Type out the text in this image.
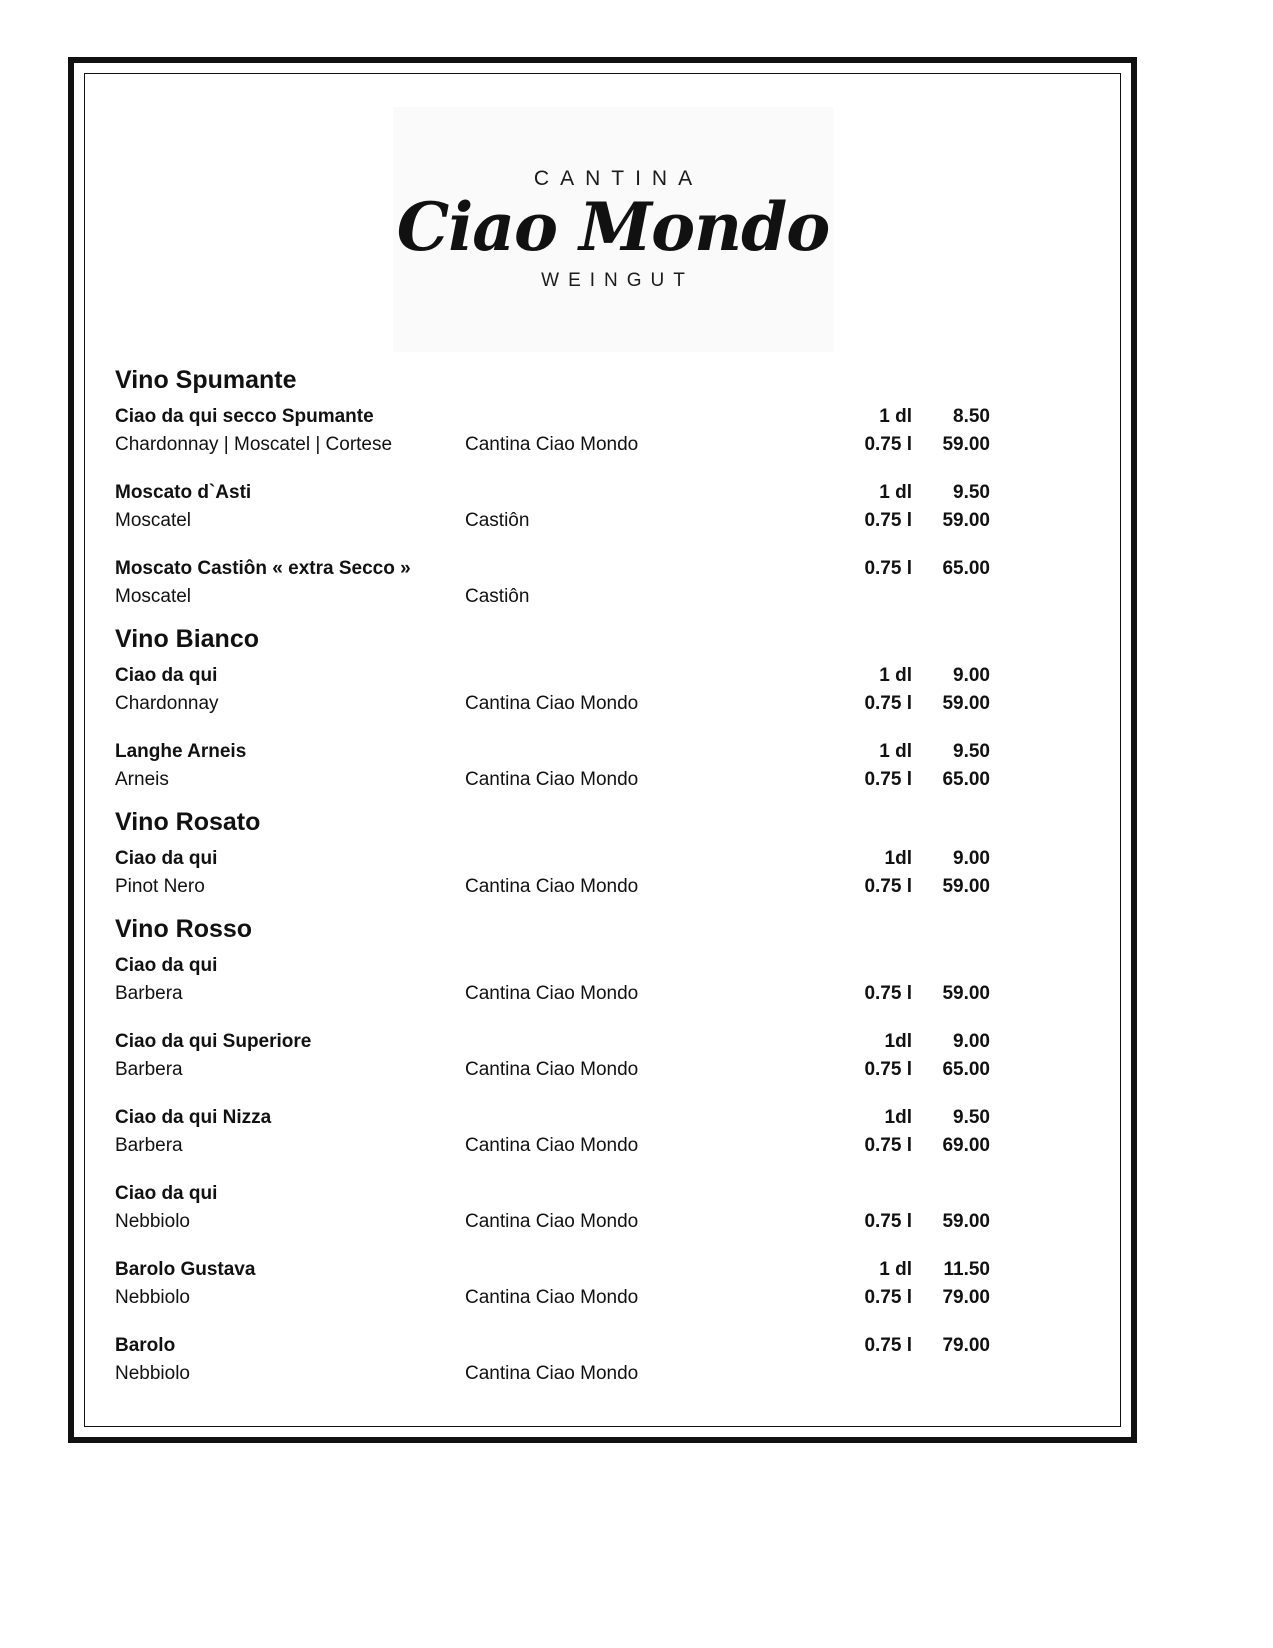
CANTINA
Ciao Mondo
WEINGUT
Vino Spumante
Ciao da qui secco Spumante	1 dl	8.50
Chardonnay | Moscatel | Cortese	Cantina Ciao Mondo	0.75 l	59.00
Moscato d`Asti	1 dl	9.50
Moscatel	Castiôn	0.75 l	59.00
Moscato Castiôn « extra Secco »	0.75 l	65.00
Moscatel	Castiôn
Vino Bianco
Ciao da qui	1 dl	9.00
Chardonnay	Cantina Ciao Mondo	0.75 l	59.00
Langhe Arneis	1 dl	9.50
Arneis	Cantina Ciao Mondo	0.75 l	65.00
Vino Rosato
Ciao da qui	1dl	9.00
Pinot Nero	Cantina Ciao Mondo	0.75 l	59.00
Vino Rosso
Ciao da qui
Barbera	Cantina Ciao Mondo	0.75 l	59.00
Ciao da qui Superiore	1dl	9.00
Barbera	Cantina Ciao Mondo	0.75 l	65.00
Ciao da qui Nizza	1dl	9.50
Barbera	Cantina Ciao Mondo	0.75 l	69.00
Ciao da qui
Nebbiolo	Cantina Ciao Mondo	0.75 l	59.00
Barolo Gustava	1 dl	11.50
Nebbiolo	Cantina Ciao Mondo	0.75 l	79.00
Barolo	0.75 l	79.00
Nebbiolo	Cantina Ciao Mondo
